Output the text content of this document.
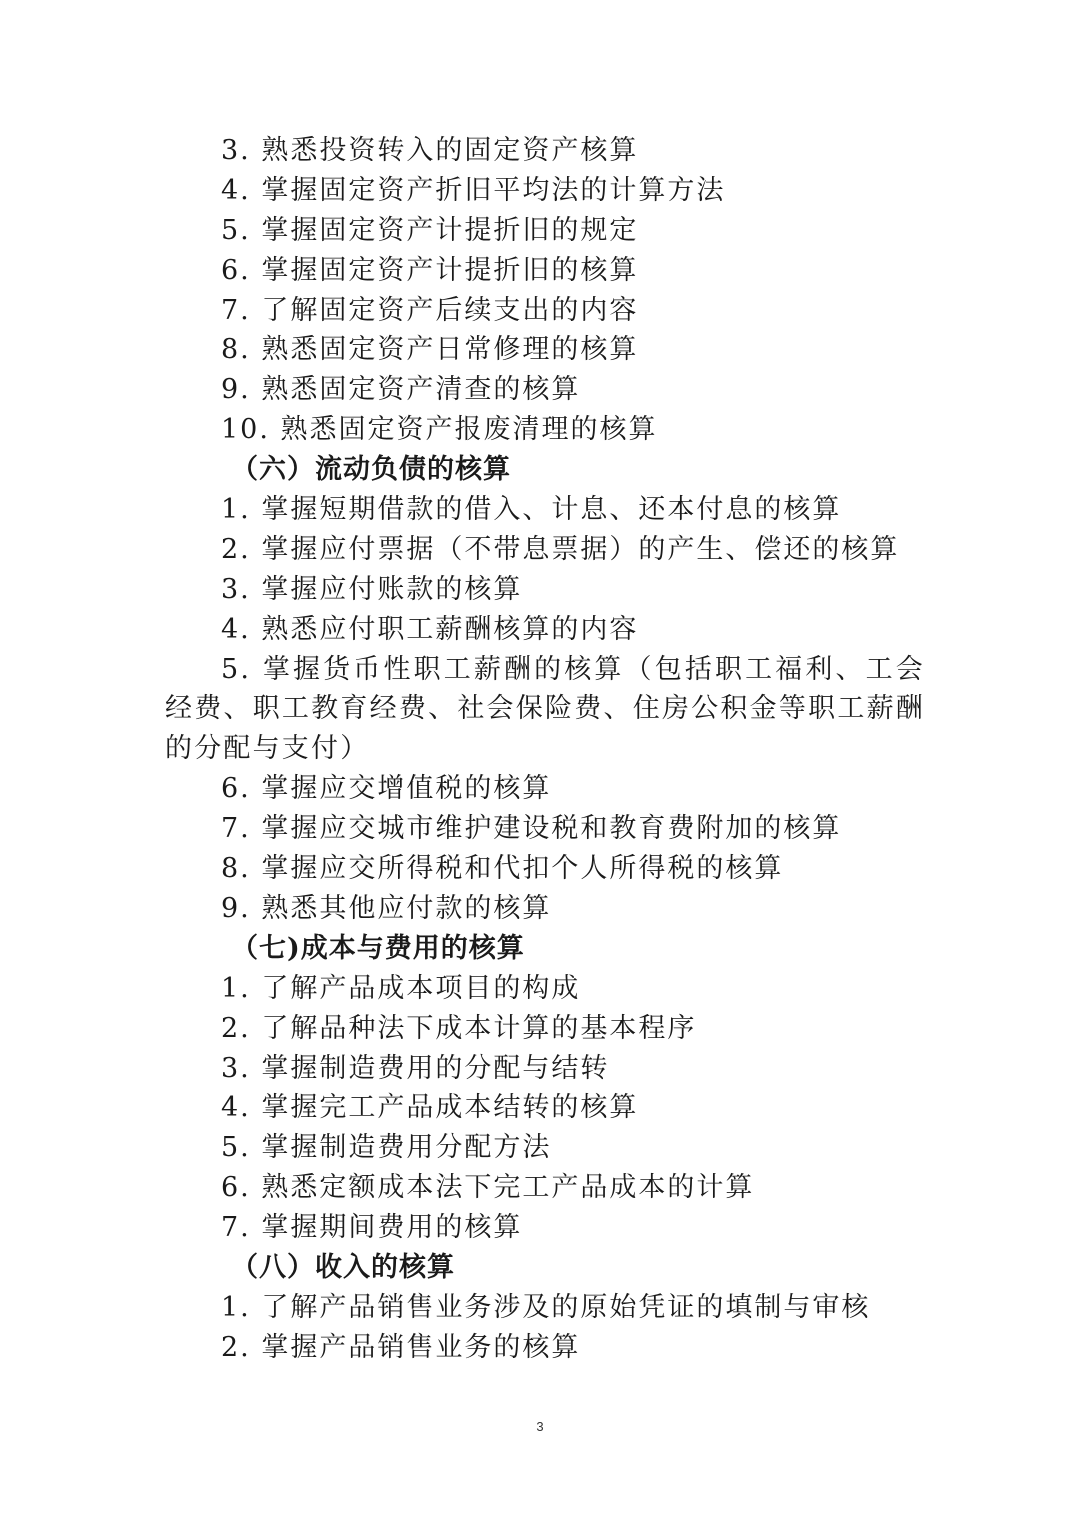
3. 熟悉投资转入的固定资产核算
4. 掌握固定资产折旧平均法的计算方法
5. 掌握固定资产计提折旧的规定
6. 掌握固定资产计提折旧的核算
7. 了解固定资产后续支出的内容
8. 熟悉固定资产日常修理的核算
9. 熟悉固定资产清查的核算
10. 熟悉固定资产报废清理的核算
（六）流动负债的核算
1. 掌握短期借款的借入、计息、还本付息的核算
2. 掌握应付票据（不带息票据）的产生、偿还的核算
3. 掌握应付账款的核算
4. 熟悉应付职工薪酬核算的内容
5. 掌握货币性职工薪酬的核算（包括职工福利、工会经费、职工教育经费、社会保险费、住房公积金等职工薪酬的分配与支付）
6. 掌握应交增值税的核算
7. 掌握应交城市维护建设税和教育费附加的核算
8. 掌握应交所得税和代扣个人所得税的核算
9. 熟悉其他应付款的核算
（七)成本与费用的核算
1. 了解产品成本项目的构成
2. 了解品种法下成本计算的基本程序
3. 掌握制造费用的分配与结转
4. 掌握完工产品成本结转的核算
5. 掌握制造费用分配方法
6. 熟悉定额成本法下完工产品成本的计算
7. 掌握期间费用的核算
（八）收入的核算
1. 了解产品销售业务涉及的原始凭证的填制与审核
2. 掌握产品销售业务的核算
3
